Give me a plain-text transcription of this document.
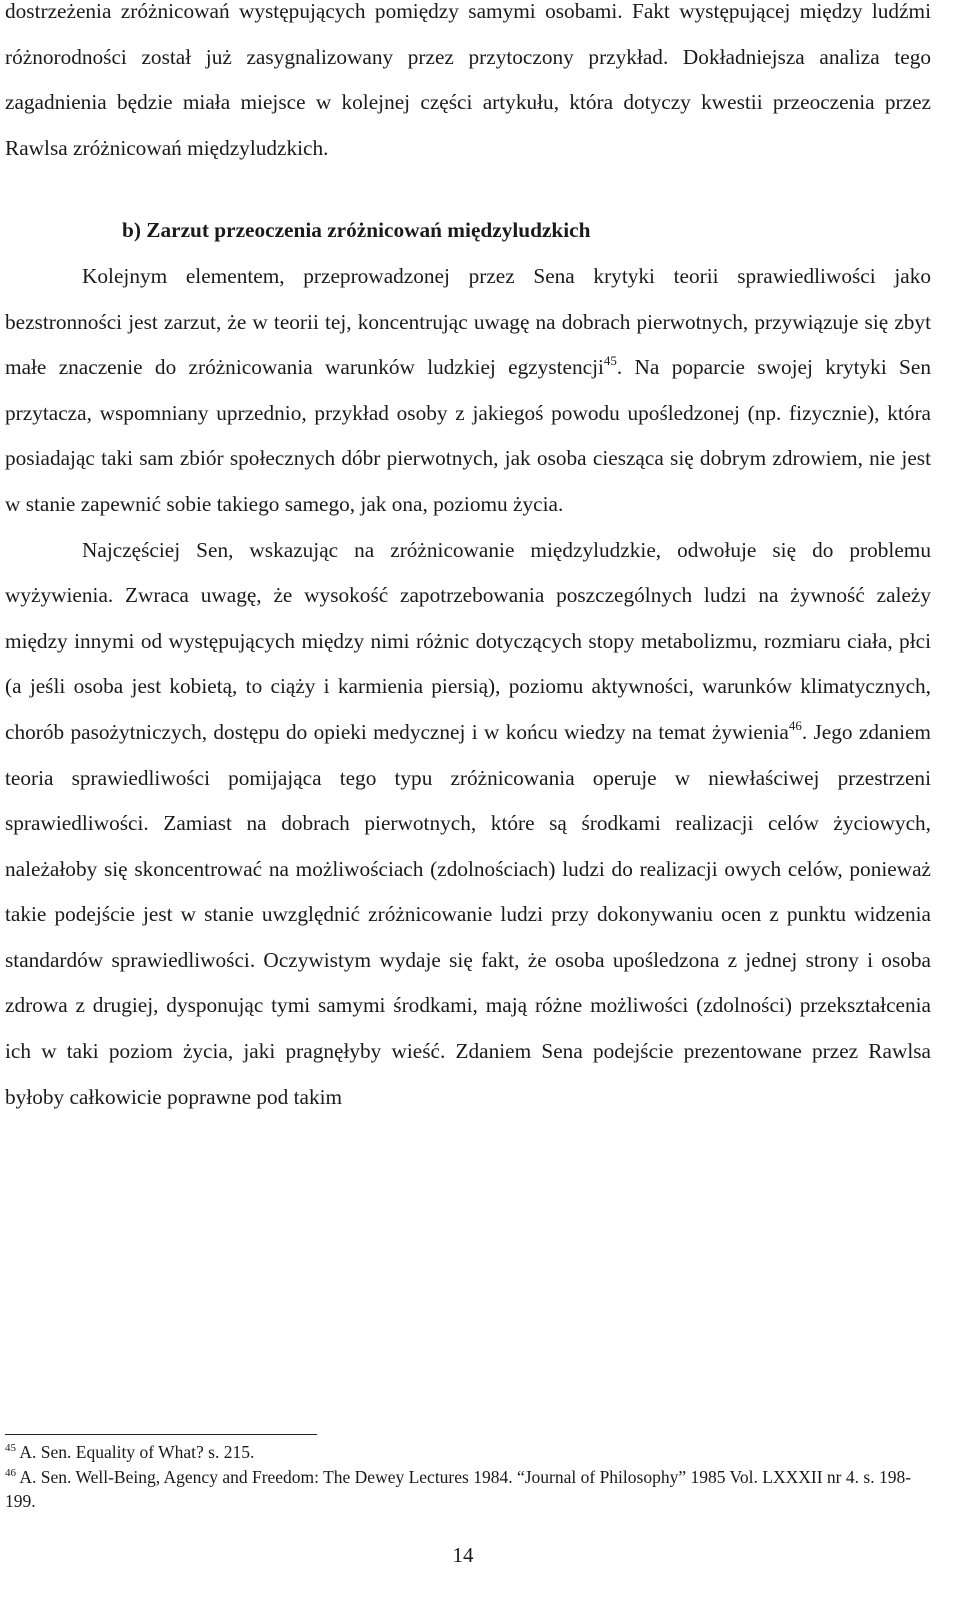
dostrzeżenia zróżnicowań występujących pomiędzy samymi osobami. Fakt występującej między ludźmi różnorodności został już zasygnalizowany przez przytoczony przykład. Dokładniejsza analiza tego zagadnienia będzie miała miejsce w kolejnej części artykułu, która dotyczy kwestii przeoczenia przez Rawlsa zróżnicowań międzyludzkich.

b) Zarzut przeoczenia zróżnicowań międzyludzkich

Kolejnym elementem, przeprowadzonej przez Sena krytyki teorii sprawiedliwości jako bezstronności jest zarzut, że w teorii tej, koncentrując uwagę na dobrach pierwotnych, przywiązuje się zbyt małe znaczenie do zróżnicowania warunków ludzkiej egzystencji$^{45}$. Na poparcie swojej krytyki Sen przytacza, wspomniany uprzednio, przykład osoby z jakiegoś powodu upośledzonej (np. fizycznie), która posiadając taki sam zbiór społecznych dóbr pierwotnych, jak osoba ciesząca się dobrym zdrowiem, nie jest w stanie zapewnić sobie takiego samego, jak ona, poziomu życia.

Najczęściej Sen, wskazując na zróżnicowanie międzyludzkie, odwołuje się do problemu wyżywienia. Zwraca uwagę, że wysokość zapotrzebowania poszczególnych ludzi na żywność zależy między innymi od występujących między nimi różnic dotyczących stopy metabolizmu, rozmiaru ciała, płci (a jeśli osoba jest kobietą, to ciąży i karmienia piersią), poziomu aktywności, warunków klimatycznych, chorób pasożytniczych, dostępu do opieki medycznej i w końcu wiedzy na temat żywienia$^{46}$. Jego zdaniem teoria sprawiedliwości pomijająca tego typu zróżnicowania operuje w niewłaściwej przestrzeni sprawiedliwości. Zamiast na dobrach pierwotnych, które są środkami realizacji celów życiowych, należałoby się skoncentrować na możliwościach (zdolnościach) ludzi do realizacji owych celów, ponieważ takie podejście jest w stanie uwzględnić zróżnicowanie ludzi przy dokonywaniu ocen z punktu widzenia standardów sprawiedliwości. Oczywistym wydaje się fakt, że osoba upośledzona z jednej strony i osoba zdrowa z drugiej, dysponując tymi samymi środkami, mają różne możliwości (zdolności) przekształcenia ich w taki poziom życia, jaki pragnęłyby wieść. Zdaniem Sena podejście prezentowane przez Rawlsa byłoby całkowicie poprawne pod takim

$^{45}$ A. Sen. Equality of What? s. 215.

$^{46}$ A. Sen. Well-Being, Agency and Freedom: The Dewey Lectures 1984. “Journal of Philosophy” 1985 Vol. LXXXII nr 4. s. 198-199.

14
